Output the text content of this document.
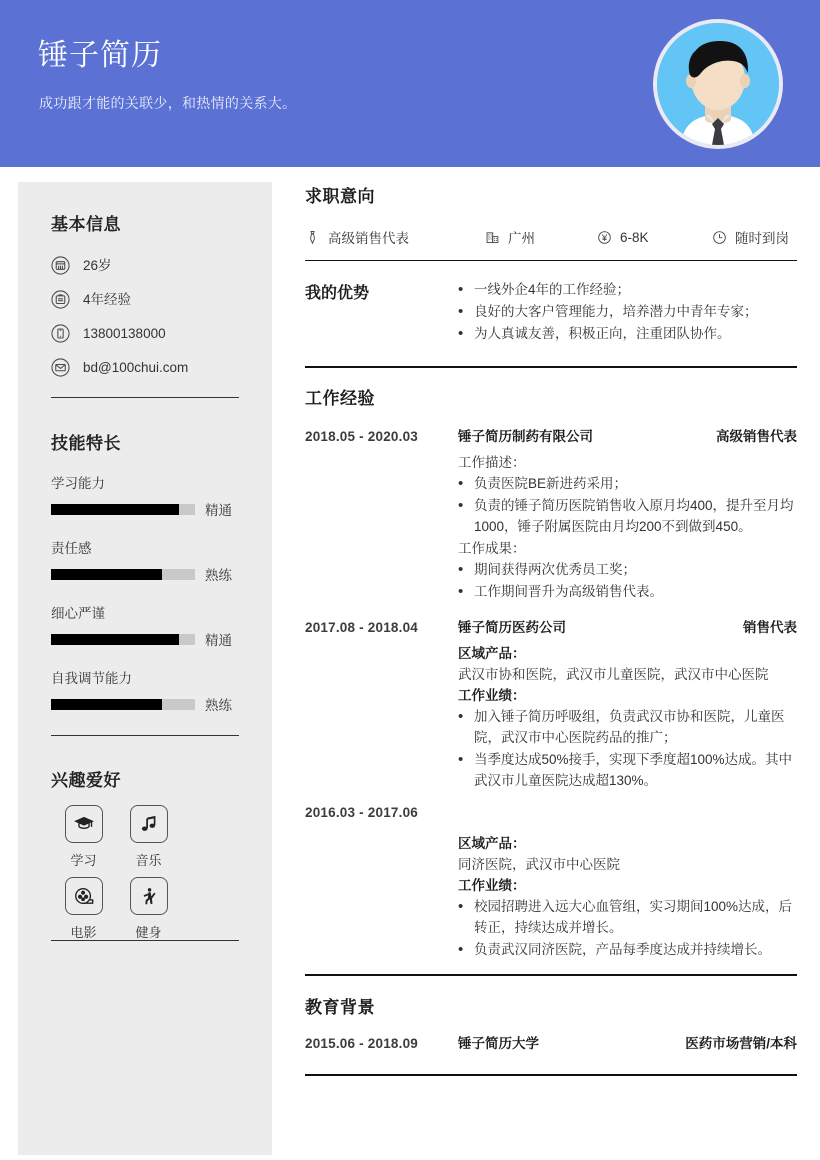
锤子简历
成功跟才能的关联少，和热情的关系大。
基本信息
26岁
4年经验
13800138000
bd@100chui.com
技能特长
学习能力
精通
责任感
熟练
细心严谨
精通
自我调节能力
熟练
兴趣爱好
学习	音乐
电影	健身
求职意向
高级销售代表	广州	6-8K	随时到岗
我的优势	• 一线外企4年的工作经验；
• 良好的大客户管理能力，培养潜力中青年专家；
• 为人真诚友善，积极正向，注重团队协作。
工作经验
2018.05 - 2020.03	锤子简历制药有限公司	高级销售代表
工作描述：
• 负责医院BE新进药采用；
• 负责的锤子简历医院销售收入原月均400，提升至月均 1000，锤子附属医院由月均200不到做到450。
工作成果：
• 期间获得两次优秀员工奖；
• 工作期间晋升为高级销售代表。
2017.08 - 2018.04	锤子简历医药公司	销售代表
区域产品：
武汉市协和医院，武汉市儿童医院，武汉市中心医院
工作业绩：
• 加入锤子简历呼吸组，负责武汉市协和医院，儿童医院，武汉市中心医院药品的推广；
• 当季度达成50%接手，实现下季度超100%达成。其中武汉市儿童医院达成超130%。
2016.03 - 2017.06
区域产品：
同济医院，武汉市中心医院
工作业绩：
• 校园招聘进入远大心血管组，实习期间100%达成，后转正，持续达成并增长。
• 负责武汉同济医院，产品每季度达成并持续增长。
教育背景
2015.06 - 2018.09	锤子简历大学	医药市场营销/本科
